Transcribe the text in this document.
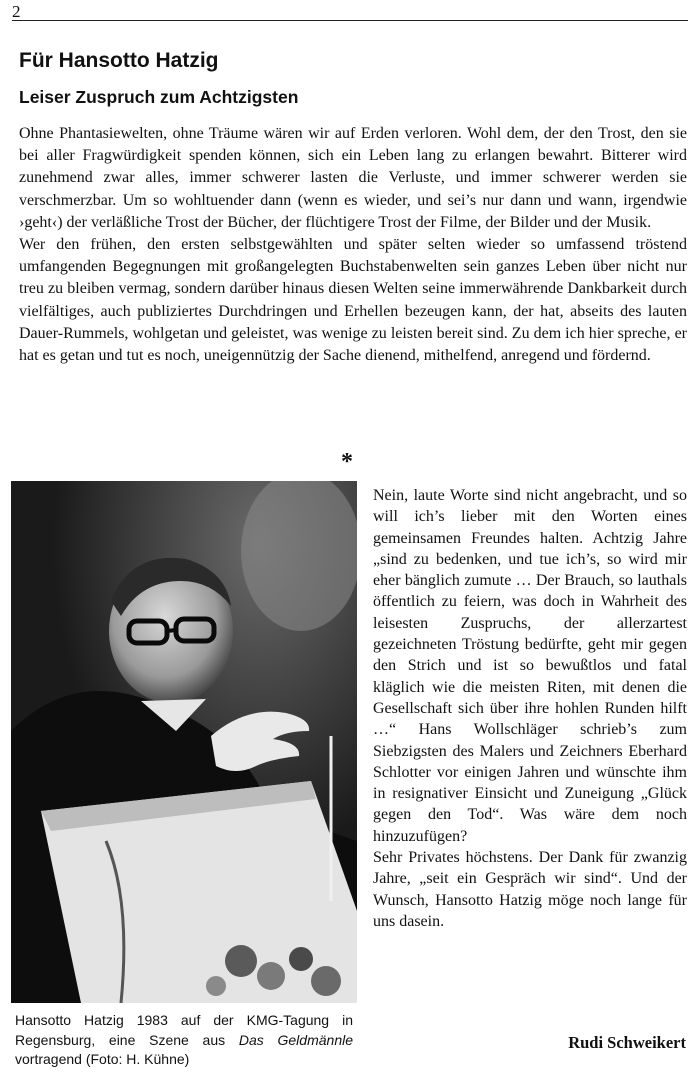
2
Für Hansotto Hatzig
Leiser Zuspruch zum Achtzigsten

Ohne Phantasiewelten, ohne Träume wären wir auf Erden verloren. Wohl dem, der den Trost, den sie bei aller Fragwürdigkeit spenden können, sich ein Leben lang zu erlangen bewahrt. Bitterer wird zunehmend zwar alles, immer schwerer lasten die Verluste, und immer schwerer werden sie verschmerzbar. Um so wohltuender dann (wenn es wieder, und sei’s nur dann und wann, irgendwie ›geht‹) der verläßliche Trost der Bücher, der flüchtigere Trost der Filme, der Bilder und der Musik.

Wer den frühen, den ersten selbstgewählten und später selten wieder so umfassend tröstend umfangenden Begegnungen mit großangelegten Buchstabenwelten sein ganzes Leben über nicht nur treu zu bleiben vermag, sondern darüber hinaus diesen Welten seine immerwährende Dankbarkeit durch vielfältiges, auch publiziertes Durchdringen und Erhellen bezeugen kann, der hat, abseits des lauten Dauer-Rummels, wohlgetan und geleistet, was wenige zu leisten bereit sind. Zu dem ich hier spreche, er hat es getan und tut es noch, uneigennützig der Sache dienend, mithelfend, anregend und fördernd.

*
Hansotto Hatzig 1983 auf der KMG-Tagung in Regensburg, eine Szene aus Das Geldmännle vortragend (Foto: H. Kühne)

Nein, laute Worte sind nicht angebracht, und so will ich’s lieber mit den Worten eines gemeinsamen Freundes halten. Achtzig Jahre „sind zu bedenken, und tue ich’s, so wird mir eher bänglich zumute … Der Brauch, so lauthals öffentlich zu feiern, was doch in Wahrheit des leisesten Zuspruchs, der allerzartest gezeichneten Tröstung bedürfte, geht mir gegen den Strich und ist so bewußtlos und fatal kläglich wie die meisten Riten, mit denen die Gesellschaft sich über ihre hohlen Runden hilft …“ Hans Wollschläger schrieb’s zum Siebzigsten des Malers und Zeichners Eberhard Schlotter vor einigen Jahren und wünschte ihm in resignativer Einsicht und Zuneigung „Glück gegen den Tod“. Was wäre dem noch hinzuzufügen?

Sehr Privates höchstens. Der Dank für zwanzig Jahre, „seit ein Gespräch wir sind“. Und der Wunsch, Hansotto Hatzig möge noch lange für uns dasein.

Rudi Schweikert
